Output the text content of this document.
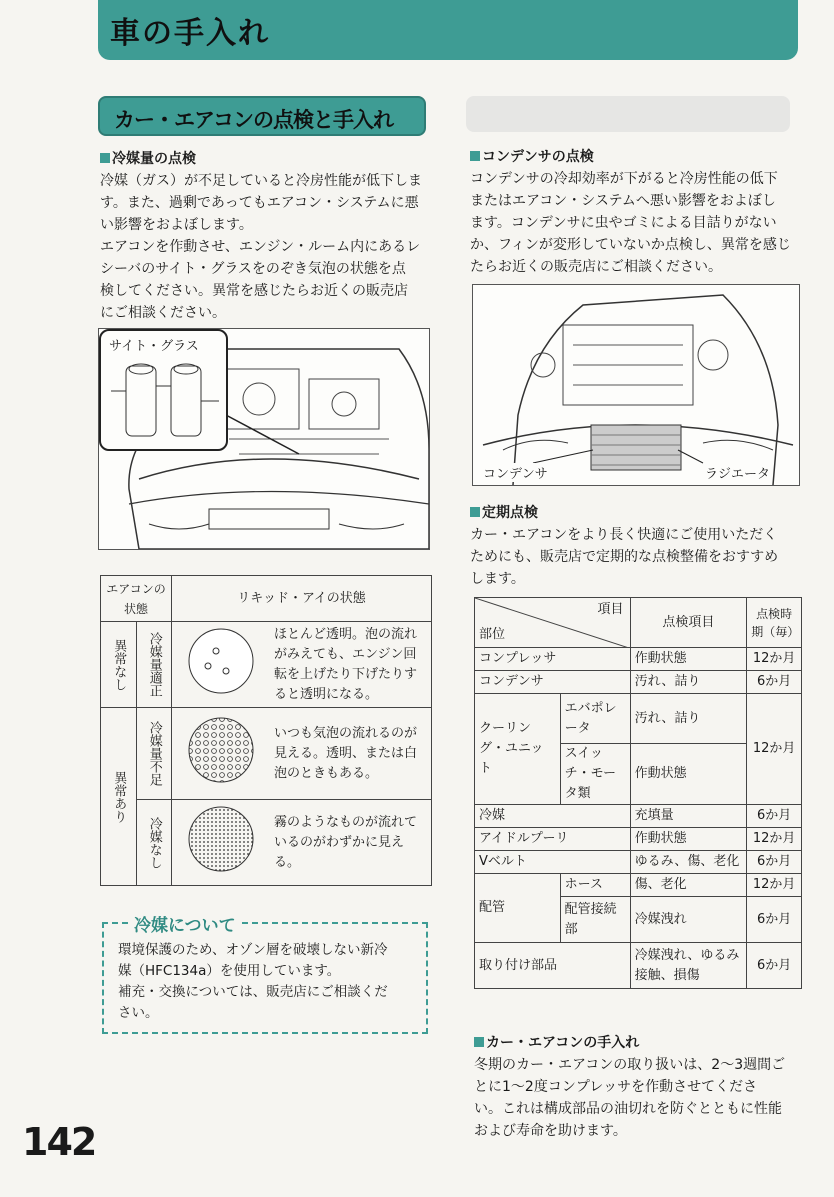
車の手入れ
カー・エアコンの点検と手入れ
冷媒量の点検

冷媒（ガス）が不足していると冷房性能が低下しま

す。また、過剰であってもエアコン・システムに悪

い影響をおよぼします。

エアコンを作動させ、エンジン・ルーム内にあるレ

シーバのサイト・グラスをのぞき気泡の状態を点

検してください。異常を感じたらお近くの販売店

にご相談ください。

サイト・グラス
エアコンの状態		リキッド・アイの状態	

異常なし	冷媒量適正		ほとんど透明。泡の流れがみえても、エンジン回転を上げたり下げたりすると透明になる。

異常あり	冷媒量不足		いつも気泡の流れるのが見える。透明、または白泡のときもある。

	冷媒なし		霧のようなものが流れているのがわずかに見える。
冷媒について
環境保護のため、オゾン層を破壊しない新冷
媒（HFC134a）を使用しています。
補充・交換については、販売店にご相談くだ
さい。
コンデンサの点検

コンデンサの冷却効率が下がると冷房性能の低下

またはエアコン・システムへ悪い影響をおよぼし

ます。コンデンサに虫やゴミによる目詰りがない

か、フィンが変形していないか点検し、異常を感じ

たらお近くの販売店にご相談ください。

コンデンサ	ラジエータ
定期点検

カー・エアコンをより長く快適にご使用いただく

ためにも、販売店で定期的な点検整備をおすすめ

します。

項目
部位		点検項目	点検時期（毎）
コンプレッサ		作動状態	12か月
コンデンサ		汚れ、詰り	6か月
クーリング・ユニット	エバポレータ	汚れ、詰り	12か月
	スイッチ・モータ類	作動状態	
冷媒		充填量	6か月
アイドルプーリ		作動状態	12か月
Vベルト		ゆるみ、傷、老化	6か月
配管	ホース	傷、老化	12か月
	配管接続部	冷媒洩れ	6か月
取り付け部品		冷媒洩れ、ゆるみ接触、損傷	6か月
カー・エアコンの手入れ

冬期のカー・エアコンの取り扱いは、2～3週間ご

とに1～2度コンプレッサを作動させてくださ

い。これは構成部品の油切れを防ぐとともに性能

および寿命を助けます。

142
